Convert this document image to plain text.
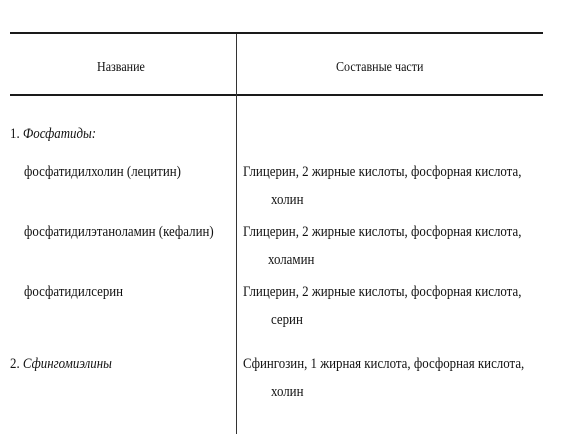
Название	Составные части
1. Фосфатиды:
фосфатидилхолин (лецитин)	Глицерин, 2 жирные кислоты, фосфорная кислота,
холин
фосфатидилэтаноламин (кефалин) Глицерин, 2 жирные кислоты, фосфорная кислота,
холамин
фосфатидилсерин	Глицерин, 2 жирные кислоты, фосфорная кислота,
серин
2. Сфингомиэлины	Сфингозин, 1 жирная кислота, фосфорная кислота,
холин
